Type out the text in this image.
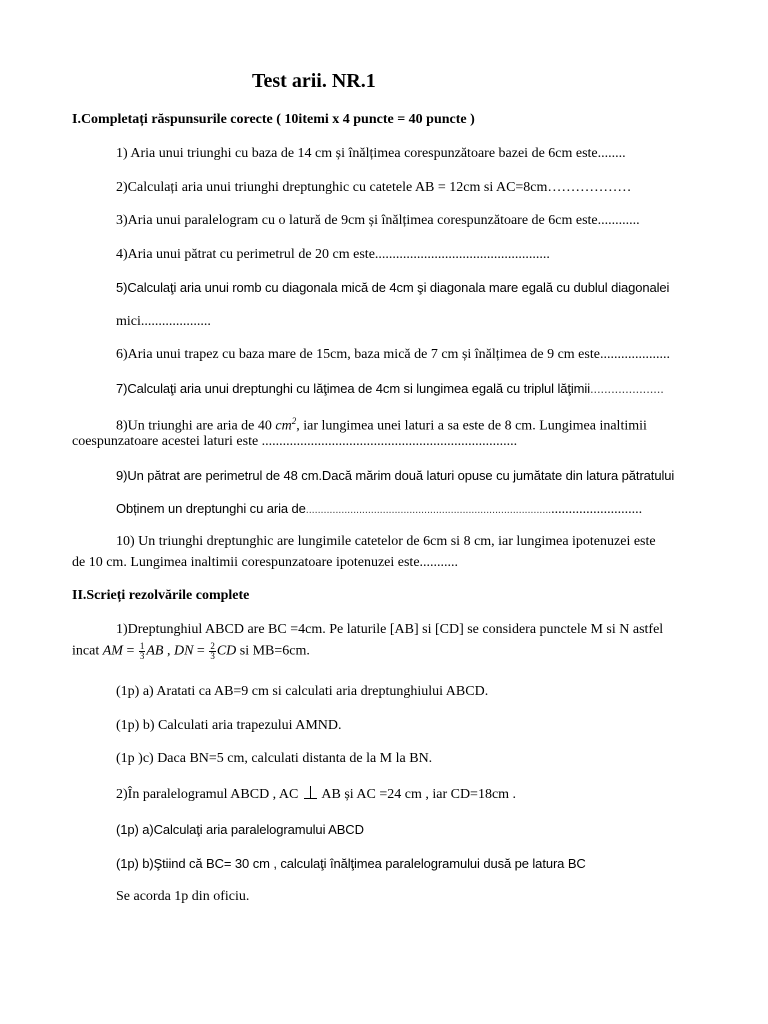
Test arii. NR.1
I.Completați răspunsurile corecte ( 10itemi x 4 puncte = 40 puncte )
1) Aria unui triunghi cu baza de 14 cm și înălțimea corespunzătoare bazei de 6cm este........
2)Calculați aria unui triunghi dreptunghic cu catetele AB = 12cm si AC=8cm………………
3)Aria unui paralelogram cu o latură de 9cm și înălțimea corespunzătoare de 6cm este............
4)Aria unui pătrat cu perimetrul de 20 cm este..................................................
5)Calculaţi aria unui romb cu diagonala mică de 4cm şi diagonala mare egală cu dublul diagonalei
mici....................
6)Aria unui trapez cu baza mare de 15cm, baza mică de 7 cm și înălțimea de 9 cm este....................
7)Calculaţi aria unui dreptunghi cu lăţimea de 4cm si lungimea egală cu triplul lăţimii.....................
8)Un triunghi are aria de 40 $cm^2$, iar lungimea unei laturi a sa este de 8 cm. Lungimea inaltimii
coespunzatoare acestei laturi este .........................................................................
9)Un pătrat are perimetrul de 48 cm.Dacă mărim două laturi opuse cu jumătate din latura pătratului
Obținem un dreptunghi cu aria de.............................................................................................................
10) Un triunghi dreptunghic are lungimile catetelor de 6cm si 8 cm, iar lungimea ipotenuzei este
de 10 cm. Lungimea inaltimii corespunzatoare ipotenuzei este...........
II.Scrieți rezolvările complete
1)Dreptunghiul ABCD are BC =4cm. Pe laturile [AB] si [CD] se considera punctele M si N astfel
incat AM = $\frac{1}{3}$ AB , DN = $\frac{2}{3}$ CD si MB=6cm.
(1p) a) Aratati ca AB=9 cm si calculati aria dreptunghiului ABCD.
(1p) b) Calculati aria trapezului AMND.
(1p )c) Daca BN=5 cm, calculati distanta de la M la BN.
2)În paralelogramul ABCD , AC AB și AC =24 cm , iar CD=18cm .
(1p) a)Calculaţi aria paralelogramului ABCD
(1p) b)Ştiind că BC= 30 cm , calculaţi înălţimea paralelogramului dusă pe latura BC
Se acorda 1p din oficiu.
